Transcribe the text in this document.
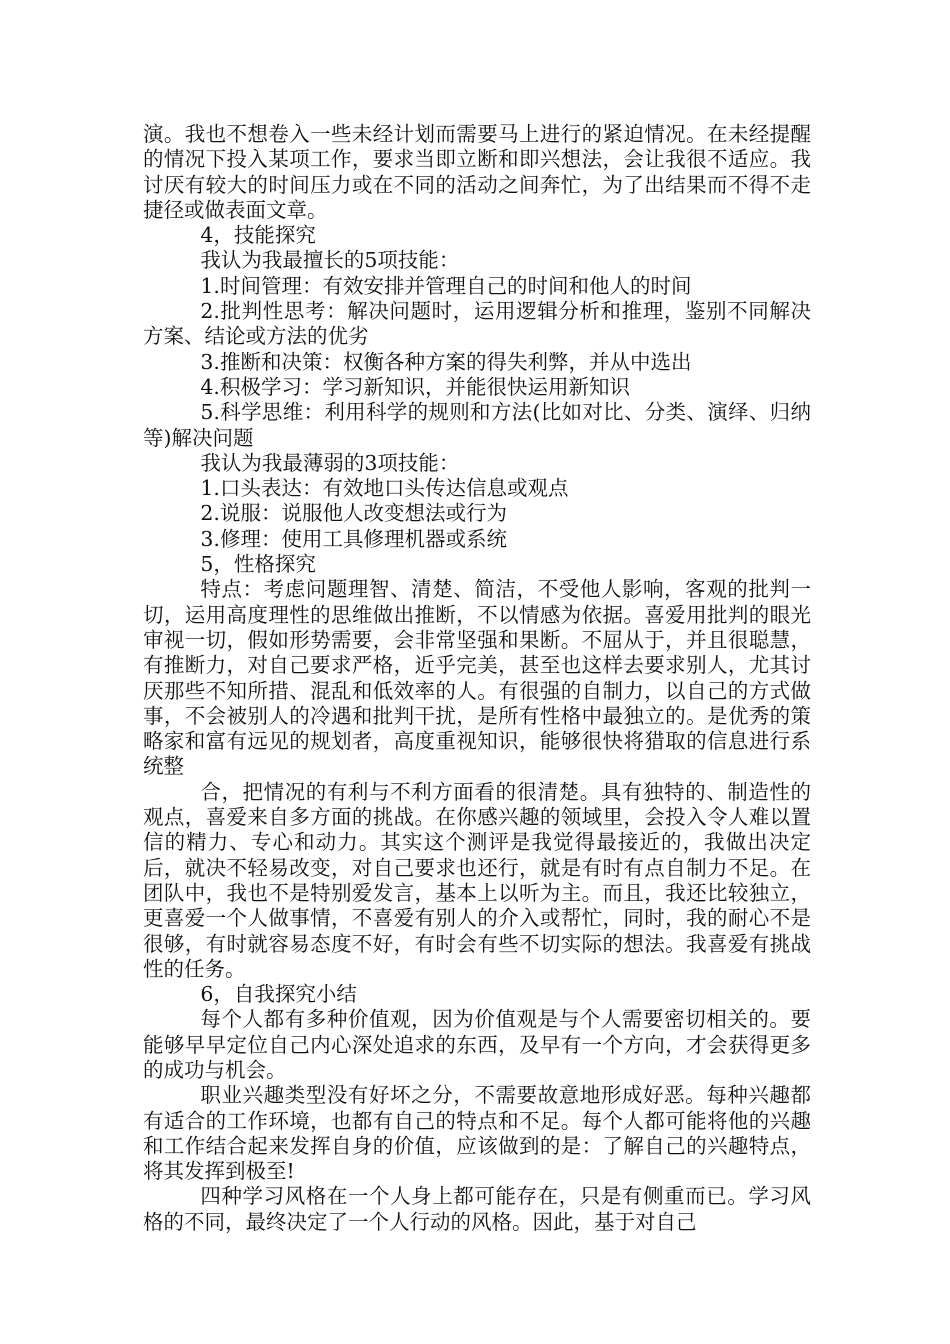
演。我也不想卷入一些未经计划而需要马上进行的紧迫情况。在未经提醒的情况下投入某项工作，要求当即立断和即兴想法，会让我很不适应。我讨厌有较大的时间压力或在不同的活动之间奔忙，为了出结果而不得不走捷径或做表面文章。

4，技能探究

我认为我最擅长的5项技能：

1.时间管理：有效安排并管理自己的时间和他人的时间

2.批判性思考：解决问题时，运用逻辑分析和推理，鉴别不同解决方案、结论或方法的优劣

3.推断和决策：权衡各种方案的得失利弊，并从中选出

4.积极学习：学习新知识，并能很快运用新知识

5.科学思维：利用科学的规则和方法(比如对比、分类、演绎、归纳等)解决问题

我认为我最薄弱的3项技能：

1.口头表达：有效地口头传达信息或观点

2.说服：说服他人改变想法或行为

3.修理：使用工具修理机器或系统

5，性格探究

特点：考虑问题理智、清楚、简洁，不受他人影响，客观的批判一切，运用高度理性的思维做出推断，不以情感为依据。喜爱用批判的眼光审视一切，假如形势需要，会非常坚强和果断。不屈从于，并且很聪慧，有推断力，对自己要求严格，近乎完美，甚至也这样去要求别人，尤其讨厌那些不知所措、混乱和低效率的人。有很强的自制力，以自己的方式做事，不会被别人的冷遇和批判干扰，是所有性格中最独立的。是优秀的策略家和富有远见的规划者，高度重视知识，能够很快将猎取的信息进行系统整

合，把情况的有利与不利方面看的很清楚。具有独特的、制造性的观点，喜爱来自多方面的挑战。在你感兴趣的领域里，会投入令人难以置信的精力、专心和动力。其实这个测评是我觉得最接近的，我做出决定后，就决不轻易改变，对自己要求也还行，就是有时有点自制力不足。在团队中，我也不是特别爱发言，基本上以听为主。而且，我还比较独立，更喜爱一个人做事情，不喜爱有别人的介入或帮忙，同时，我的耐心不是很够，有时就容易态度不好，有时会有些不切实际的想法。我喜爱有挑战性的任务。

6，自我探究小结

每个人都有多种价值观，因为价值观是与个人需要密切相关的。要能够早早定位自己内心深处追求的东西，及早有一个方向，才会获得更多的成功与机会。

职业兴趣类型没有好坏之分，不需要故意地形成好恶。每种兴趣都有适合的工作环境，也都有自己的特点和不足。每个人都可能将他的兴趣和工作结合起来发挥自身的价值，应该做到的是：了解自己的兴趣特点，将其发挥到极至!

四种学习风格在一个人身上都可能存在，只是有侧重而已。学习风格的不同，最终决定了一个人行动的风格。因此，基于对自己
